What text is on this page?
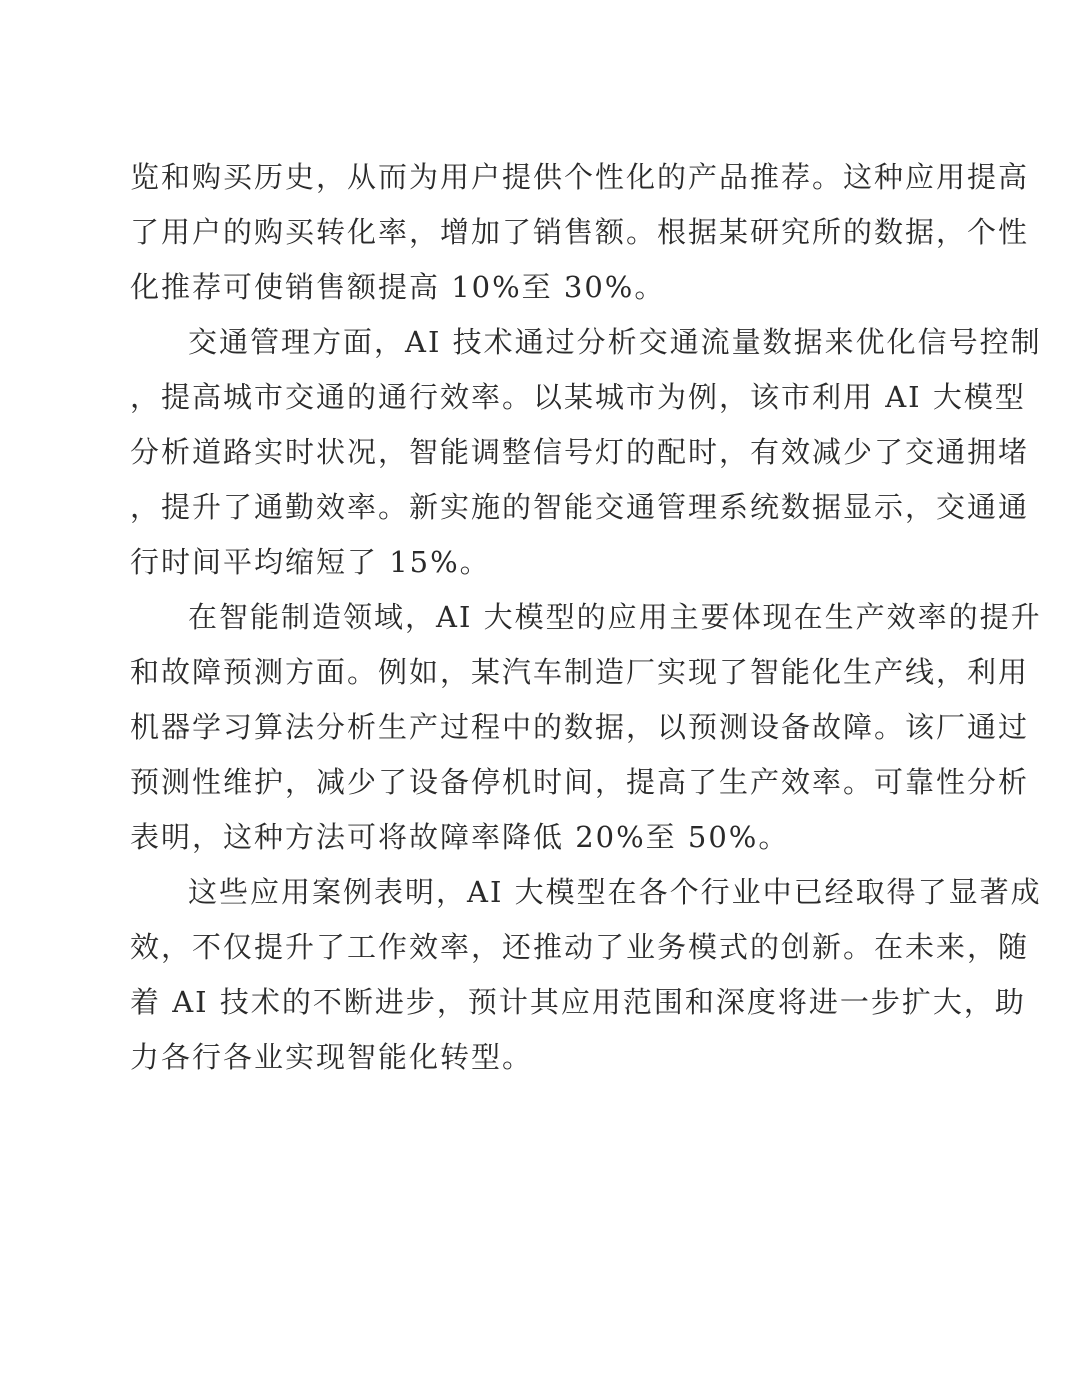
览和购买历史，从而为用户提供个性化的产品推荐。这种应用提高
了用户的购买转化率，增加了销售额。根据某研究所的数据，个性
化推荐可使销售额提高 10%至 30%。

交通管理方面，AI 技术通过分析交通流量数据来优化信号控制
，提高城市交通的通行效率。以某城市为例，该市利用 AI 大模型
分析道路实时状况，智能调整信号灯的配时，有效减少了交通拥堵
，提升了通勤效率。新实施的智能交通管理系统数据显示，交通通
行时间平均缩短了 15%。

在智能制造领域，AI 大模型的应用主要体现在生产效率的提升
和故障预测方面。例如，某汽车制造厂实现了智能化生产线，利用
机器学习算法分析生产过程中的数据，以预测设备故障。该厂通过
预测性维护，减少了设备停机时间，提高了生产效率。可靠性分析
表明，这种方法可将故障率降低 20%至 50%。

这些应用案例表明，AI 大模型在各个行业中已经取得了显著成
效，不仅提升了工作效率，还推动了业务模式的创新。在未来，随
着 AI 技术的不断进步，预计其应用范围和深度将进一步扩大，助
力各行各业实现智能化转型。
